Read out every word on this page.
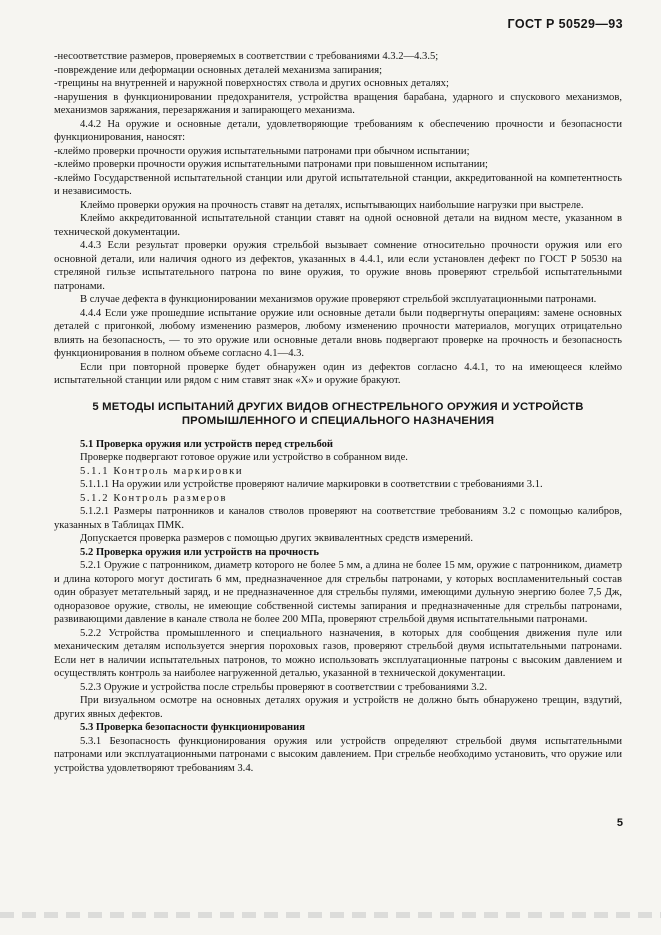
ГОСТ Р 50529—93

-несоответствие размеров, проверяемых в соответствии с требованиями 4.3.2—4.3.5;

-повреждение или деформации основных деталей механизма запирания;

-трещины на внутренней и наружной поверхностях ствола и других основных деталях;

-нарушения в функционировании предохранителя, устройства вращения барабана, ударного и спускового механизмов, механизмов заряжания, перезаряжания и запирающего механизма.

4.4.2 На оружие и основные детали, удовлетворяющие требованиям к обеспечению прочности и безопасности функционирования, наносят:

-клеймо проверки прочности оружия испытательными патронами при обычном испытании;

-клеймо проверки прочности оружия испытательными патронами при повышенном испытании;

-клеймо Государственной испытательной станции или другой испытательной станции, аккредитованной на компетентность и независимость.

Клеймо проверки оружия на прочность ставят на деталях, испытывающих наибольшие нагрузки при выстреле.

Клеймо аккредитованной испытательной станции ставят на одной основной детали на видном месте, указанном в технической документации.

4.4.3 Если результат проверки оружия стрельбой вызывает сомнение относительно прочности оружия или его основной детали, или наличия одного из дефектов, указанных в 4.4.1, или если установлен дефект по ГОСТ Р 50530 на стреляной гильзе испытательного патрона по вине оружия, то оружие вновь проверяют стрельбой испытательными патронами.

В случае дефекта в функционировании механизмов оружие проверяют стрельбой эксплуатационными патронами.

4.4.4 Если уже прошедшие испытание оружие или основные детали были подвергнуты операциям: замене основных деталей с пригонкой, любому изменению размеров, любому изменению прочности материалов, могущих отрицательно влиять на безопасность, — то это оружие или основные детали вновь подвергают проверке на прочность и безопасность функционирования в полном объеме согласно 4.1—4.3.

Если при повторной проверке будет обнаружен один из дефектов согласно 4.4.1, то на имеющееся клеймо испытательной станции или рядом с ним ставят знак «Х» и оружие бракуют.

5 МЕТОДЫ ИСПЫТАНИЙ ДРУГИХ ВИДОВ ОГНЕСТРЕЛЬНОГО ОРУЖИЯ И УСТРОЙСТВ ПРОМЫШЛЕННОГО И СПЕЦИАЛЬНОГО НАЗНАЧЕНИЯ

5.1 Проверка оружия или устройств перед стрельбой

Проверке подвергают готовое оружие или устройство в собранном виде.

5.1.1 Контроль маркировки

5.1.1.1 На оружии или устройстве проверяют наличие маркировки в соответствии с требованиями 3.1.

5.1.2 Контроль размеров

5.1.2.1 Размеры патронников и каналов стволов проверяют на соответствие требованиям 3.2 с помощью калибров, указанных в Таблицах ПМК.

Допускается проверка размеров с помощью других эквивалентных средств измерений.

5.2 Проверка оружия или устройств на прочность

5.2.1 Оружие с патронником, диаметр которого не более 5 мм, а длина не более 15 мм, оружие с патронником, диаметр и длина которого могут достигать 6 мм, предназначенное для стрельбы патронами, у которых воспламенительный состав один образует метательный заряд, и не предназначенное для стрельбы пулями, имеющими дульную энергию более 7,5 Дж, одноразовое оружие, стволы, не имеющие собственной системы запирания и предназначенные для стрельбы патронами, развивающими давление в канале ствола не более 200 МПа, проверяют стрельбой двумя испытательными патронами.

5.2.2 Устройства промышленного и специального назначения, в которых для сообщения движения пуле или механическим деталям используется энергия пороховых газов, проверяют стрельбой двумя испытательными патронами. Если нет в наличии испытательных патронов, то можно использовать эксплуатационные патроны с высоким давлением и осуществлять контроль за наиболее нагруженной деталью, указанной в технической документации.

5.2.3 Оружие и устройства после стрельбы проверяют в соответствии с требованиями 3.2.

При визуальном осмотре на основных деталях оружия и устройств не должно быть обнаружено трещин, вздутий, других явных дефектов.

5.3 Проверка безопасности функционирования

5.3.1 Безопасность функционирования оружия или устройств определяют стрельбой двумя испытательными патронами или эксплуатационными патронами с высоким давлением. При стрельбе необходимо установить, что оружие или устройства удовлетворяют требованиям 3.4.

5
